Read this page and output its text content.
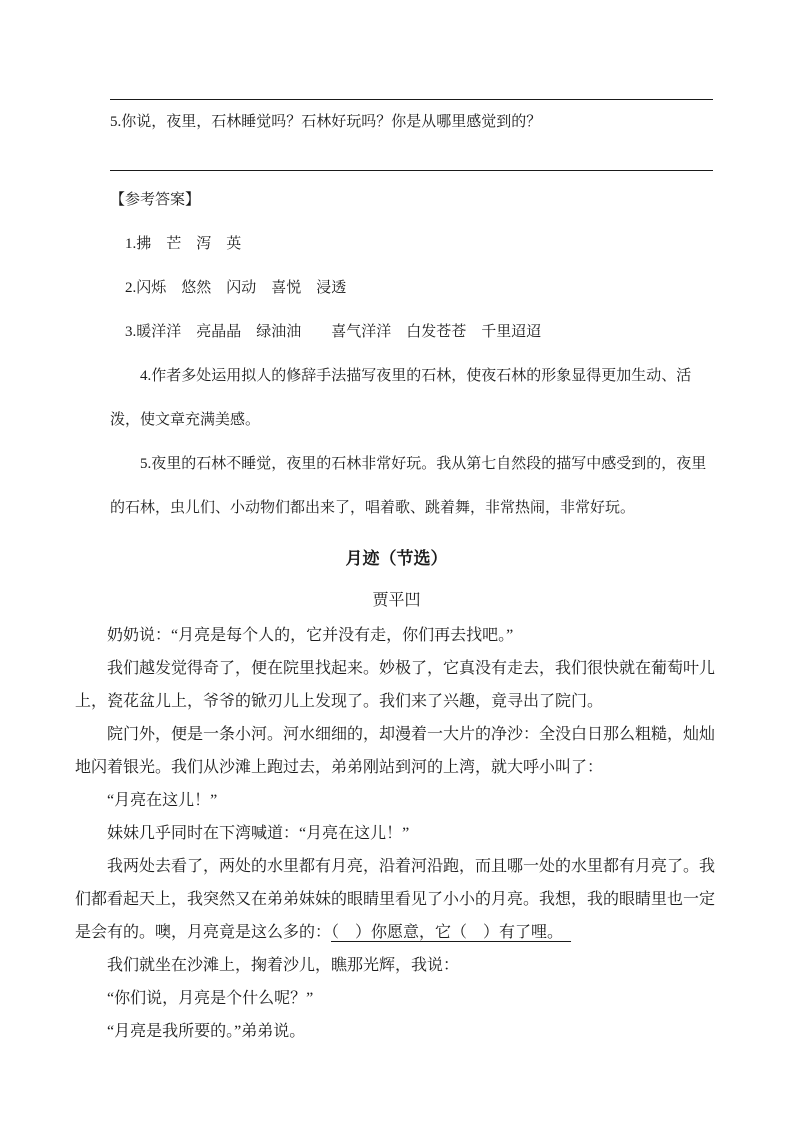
5.你说，夜里，石林睡觉吗？石林好玩吗？你是从哪里感觉到的？

【参考答案】

1.拂　芒　泻　英

2.闪烁　悠然　闪动　喜悦　浸透

3.暖洋洋　亮晶晶　绿油油　　喜气洋洋　白发苍苍　千里迢迢

4.作者多处运用拟人的修辞手法描写夜里的石林，使夜石林的形象显得更加生动、活泼，使文章充满美感。

5.夜里的石林不睡觉，夜里的石林非常好玩。我从第七自然段的描写中感受到的，夜里的石林，虫儿们、小动物们都出来了，唱着歌、跳着舞，非常热闹，非常好玩。

月迹（节选）

贾平凹

奶奶说：“月亮是每个人的，它并没有走，你们再去找吧。”

我们越发觉得奇了，便在院里找起来。妙极了，它真没有走去，我们很快就在葡萄叶儿上，瓷花盆儿上，爷爷的锨刃儿上发现了。我们来了兴趣，竟寻出了院门。

院门外，便是一条小河。河水细细的，却漫着一大片的净沙：全没白日那么粗糙，灿灿地闪着银光。我们从沙滩上跑过去，弟弟刚站到河的上湾，就大呼小叫了：

“月亮在这儿！”

妹妹几乎同时在下湾喊道：“月亮在这儿！”

我两处去看了，两处的水里都有月亮，沿着河沿跑，而且哪一处的水里都有月亮了。我们都看起天上，我突然又在弟弟妹妹的眼睛里看见了小小的月亮。我想，我的眼睛里也一定是会有的。噢，月亮竟是这么多的：（　）你愿意，它（　）有了哩。　

我们就坐在沙滩上，掬着沙儿，瞧那光辉，我说：

“你们说，月亮是个什么呢？”

“月亮是我所要的。”弟弟说。
